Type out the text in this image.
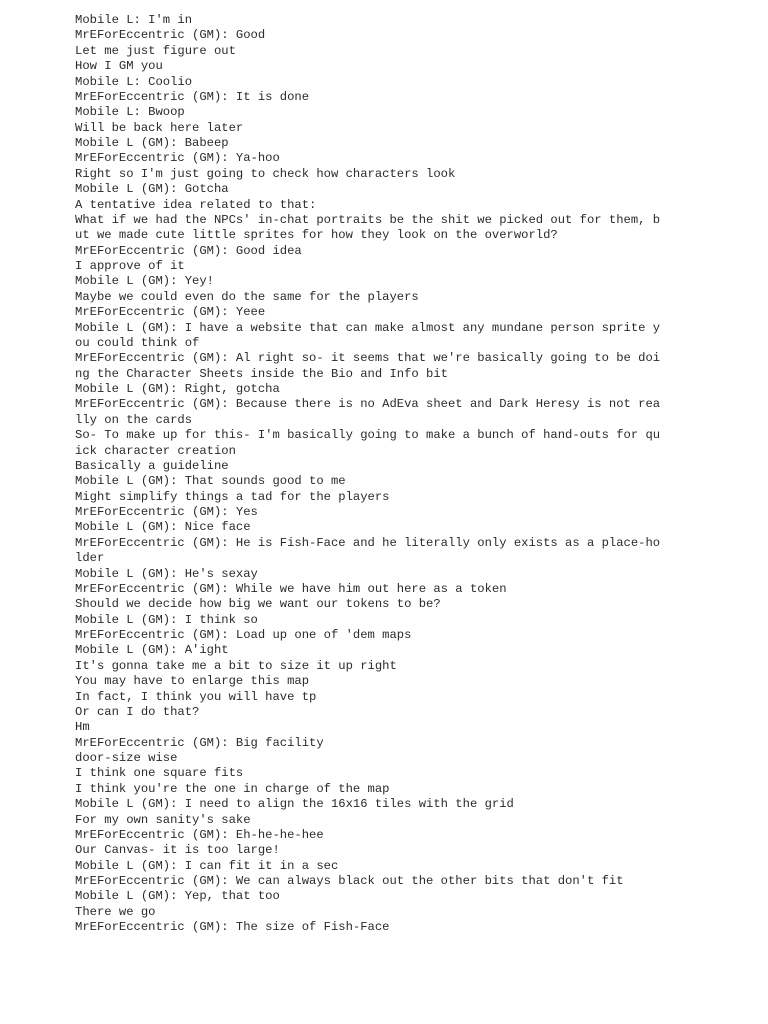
Mobile L: I'm in
MrEForEccentric (GM): Good
Let me just figure out
How I GM you
Mobile L: Coolio
MrEForEccentric (GM): It is done
Mobile L: Bwoop
Will be back here later
Mobile L (GM): Babeep
MrEForEccentric (GM): Ya-hoo
Right so I'm just going to check how characters look
Mobile L (GM): Gotcha
A tentative idea related to that:
What if we had the NPCs' in-chat portraits be the shit we picked out for them, b
ut we made cute little sprites for how they look on the overworld?
MrEForEccentric (GM): Good idea
I approve of it
Mobile L (GM): Yey!
Maybe we could even do the same for the players
MrEForEccentric (GM): Yeee
Mobile L (GM): I have a website that can make almost any mundane person sprite y
ou could think of
MrEForEccentric (GM): Al right so- it seems that we're basically going to be doi
ng the Character Sheets inside the Bio and Info bit
Mobile L (GM): Right, gotcha
MrEForEccentric (GM): Because there is no AdEva sheet and Dark Heresy is not rea
lly on the cards
So- To make up for this- I'm basically going to make a bunch of hand-outs for qu
ick character creation
Basically a guideline
Mobile L (GM): That sounds good to me
Might simplify things a tad for the players
MrEForEccentric (GM): Yes
Mobile L (GM): Nice face
MrEForEccentric (GM): He is Fish-Face and he literally only exists as a place-ho
lder
Mobile L (GM): He's sexay
MrEForEccentric (GM): While we have him out here as a token
Should we decide how big we want our tokens to be?
Mobile L (GM): I think so
MrEForEccentric (GM): Load up one of 'dem maps
Mobile L (GM): A'ight
It's gonna take me a bit to size it up right
You may have to enlarge this map
In fact, I think you will have tp
Or can I do that?
Hm
MrEForEccentric (GM): Big facility
door-size wise
I think one square fits
I think you're the one in charge of the map
Mobile L (GM): I need to align the 16x16 tiles with the grid
For my own sanity's sake
MrEForEccentric (GM): Eh-he-he-hee
Our Canvas- it is too large!
Mobile L (GM): I can fit it in a sec
MrEForEccentric (GM): We can always black out the other bits that don't fit
Mobile L (GM): Yep, that too
There we go
MrEForEccentric (GM): The size of Fish-Face
